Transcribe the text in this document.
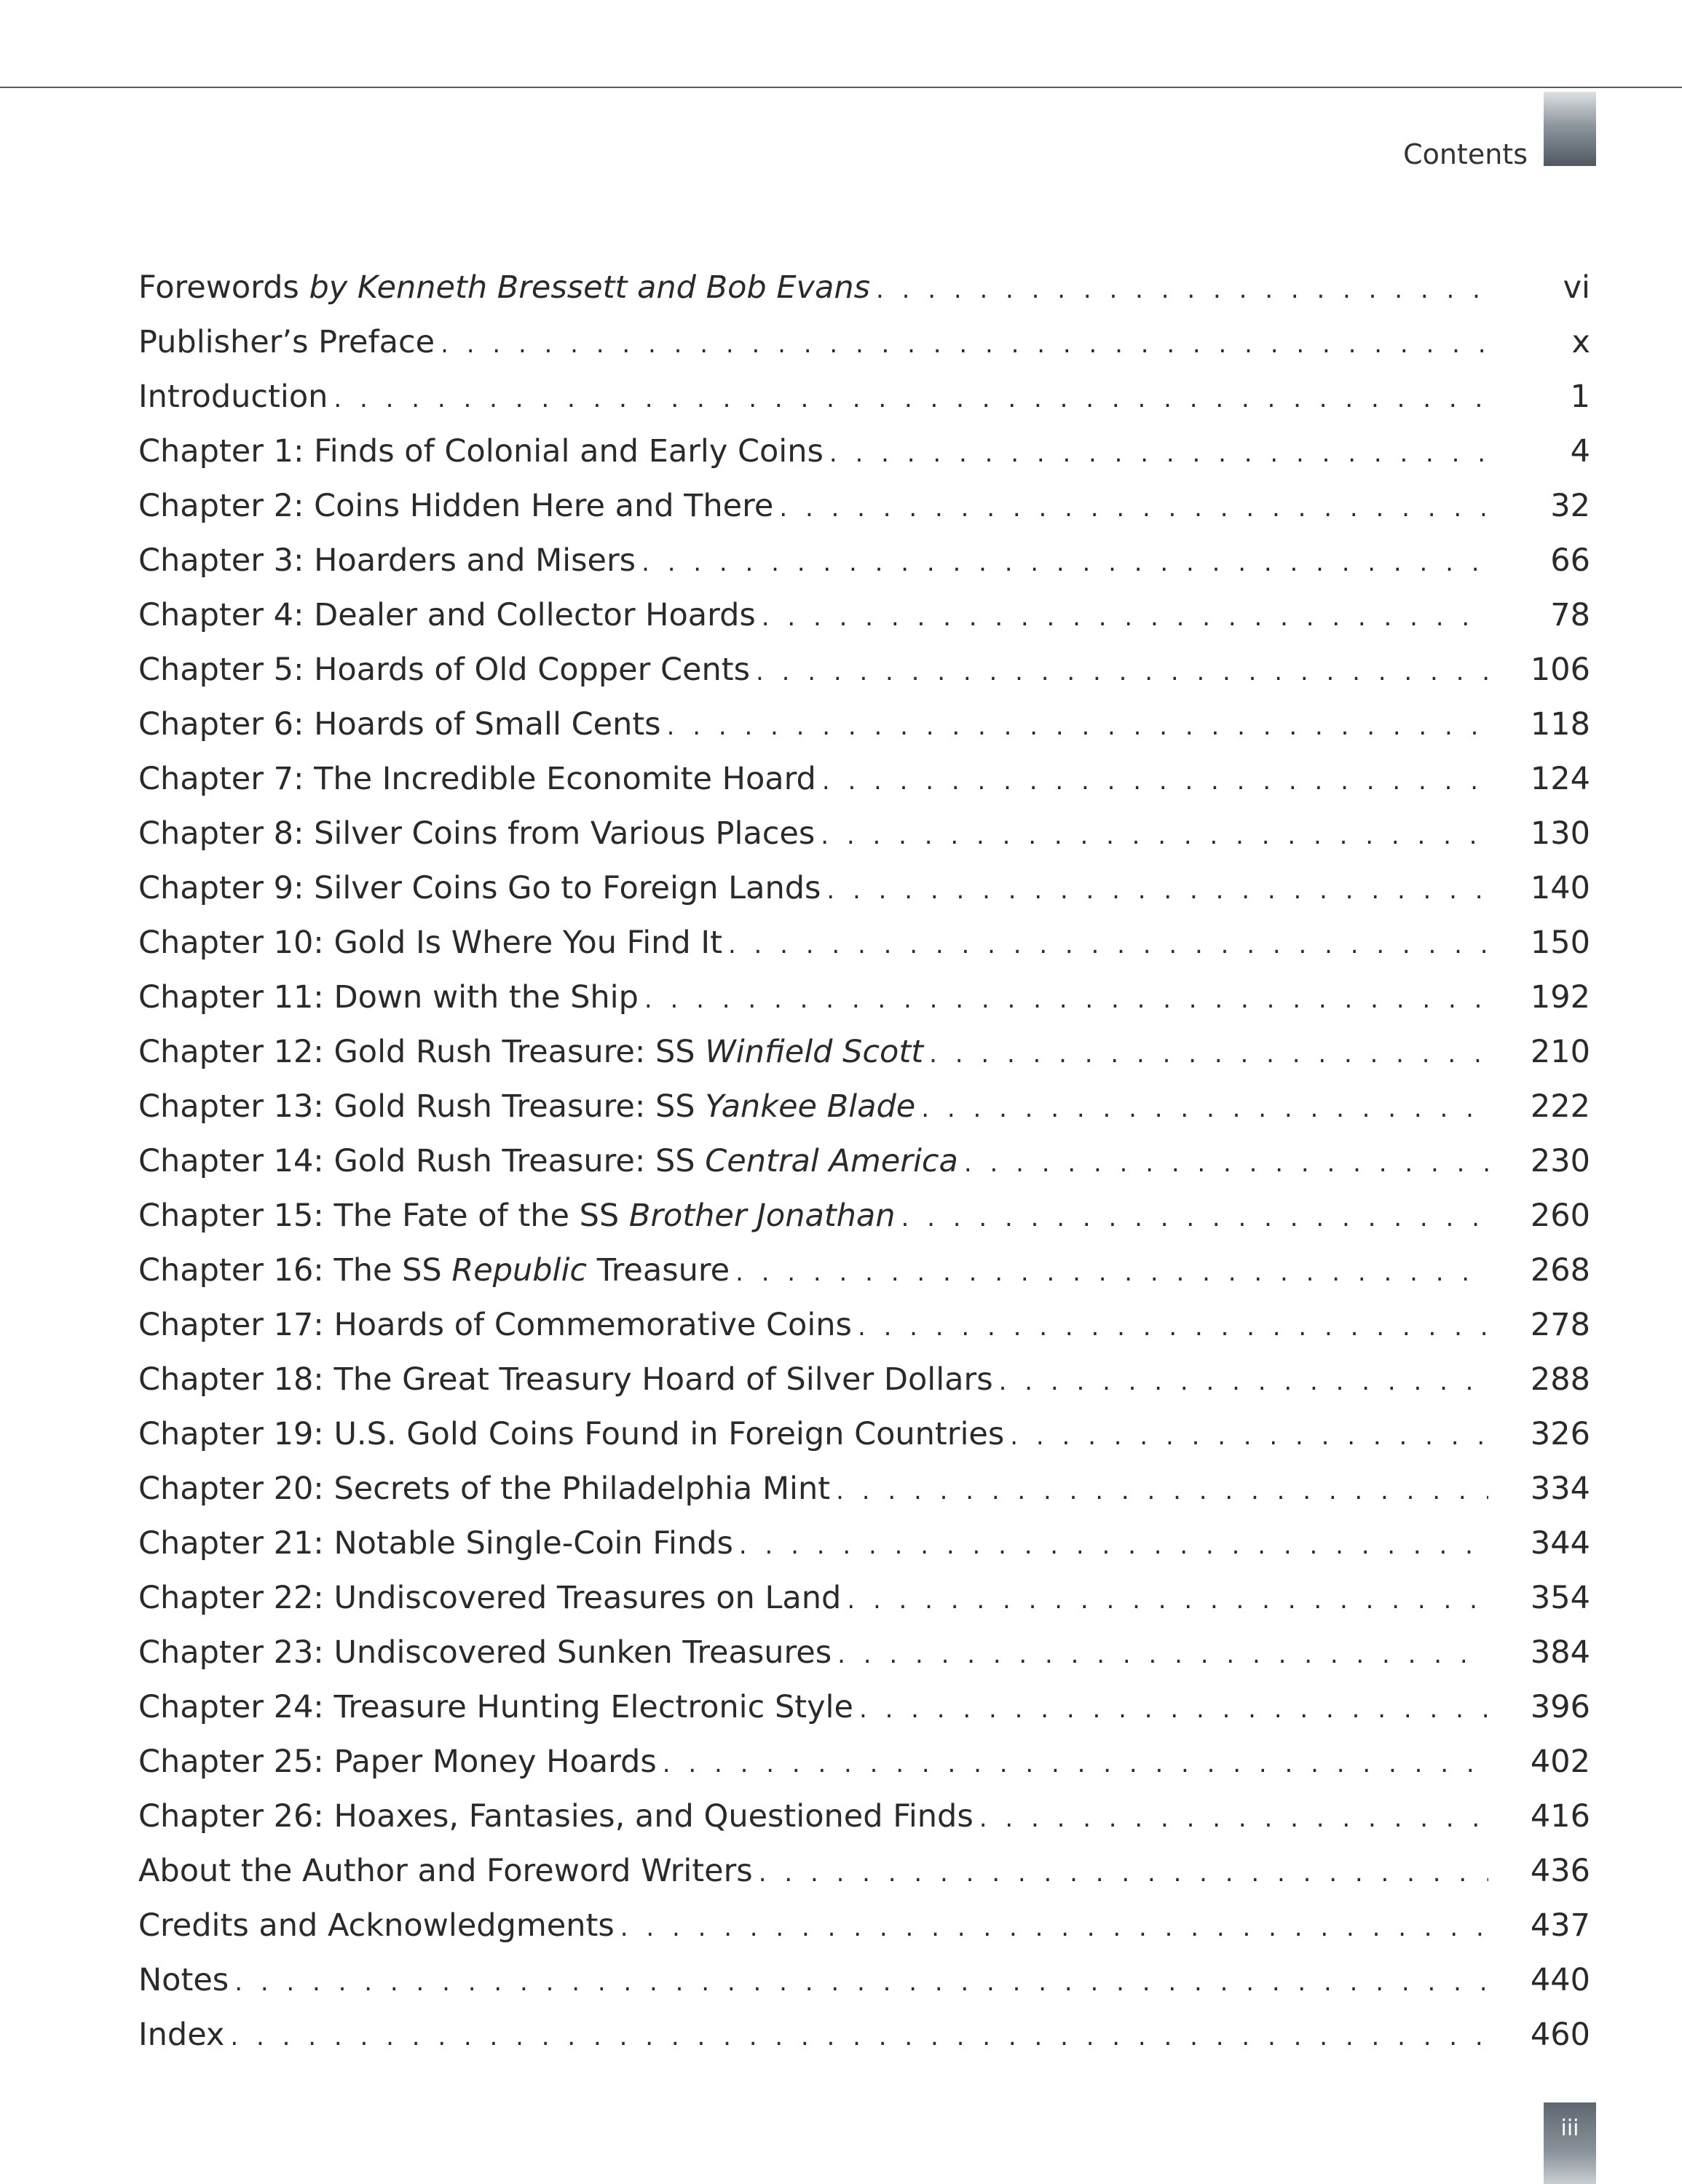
Contents
Forewords by Kenneth Bressett and Bob Evans . . .	vi
Publisher’s Preface . . .	x
Introduction . . .	1
Chapter 1: Finds of Colonial and Early Coins . . .	4
Chapter 2: Coins Hidden Here and There . . .	32
Chapter 3: Hoarders and Misers . . .	66
Chapter 4: Dealer and Collector Hoards . . .	78
Chapter 5: Hoards of Old Copper Cents . . .	106
Chapter 6: Hoards of Small Cents . . .	118
Chapter 7: The Incredible Economite Hoard . . .	124
Chapter 8: Silver Coins from Various Places . . .	130
Chapter 9: Silver Coins Go to Foreign Lands . . .	140
Chapter 10: Gold Is Where You Find It . . .	150
Chapter 11: Down with the Ship . . .	192
Chapter 12: Gold Rush Treasure: SS Winfield Scott . . .	210
Chapter 13: Gold Rush Treasure: SS Yankee Blade . . .	222
Chapter 14: Gold Rush Treasure: SS Central America . . .	230
Chapter 15: The Fate of the SS Brother Jonathan . . .	260
Chapter 16: The SS Republic Treasure . . .	268
Chapter 17: Hoards of Commemorative Coins . . .	278
Chapter 18: The Great Treasury Hoard of Silver Dollars . . .	288
Chapter 19: U.S. Gold Coins Found in Foreign Countries . . .	326
Chapter 20: Secrets of the Philadelphia Mint . . .	334
Chapter 21: Notable Single-Coin Finds . . .	344
Chapter 22: Undiscovered Treasures on Land . . .	354
Chapter 23: Undiscovered Sunken Treasures . . .	384
Chapter 24: Treasure Hunting Electronic Style . . .	396
Chapter 25: Paper Money Hoards . . .	402
Chapter 26: Hoaxes, Fantasies, and Questioned Finds . . .	416
About the Author and Foreword Writers . . .	436
Credits and Acknowledgments . . .	437
Notes . . .	440
Index . . .	460
iii
